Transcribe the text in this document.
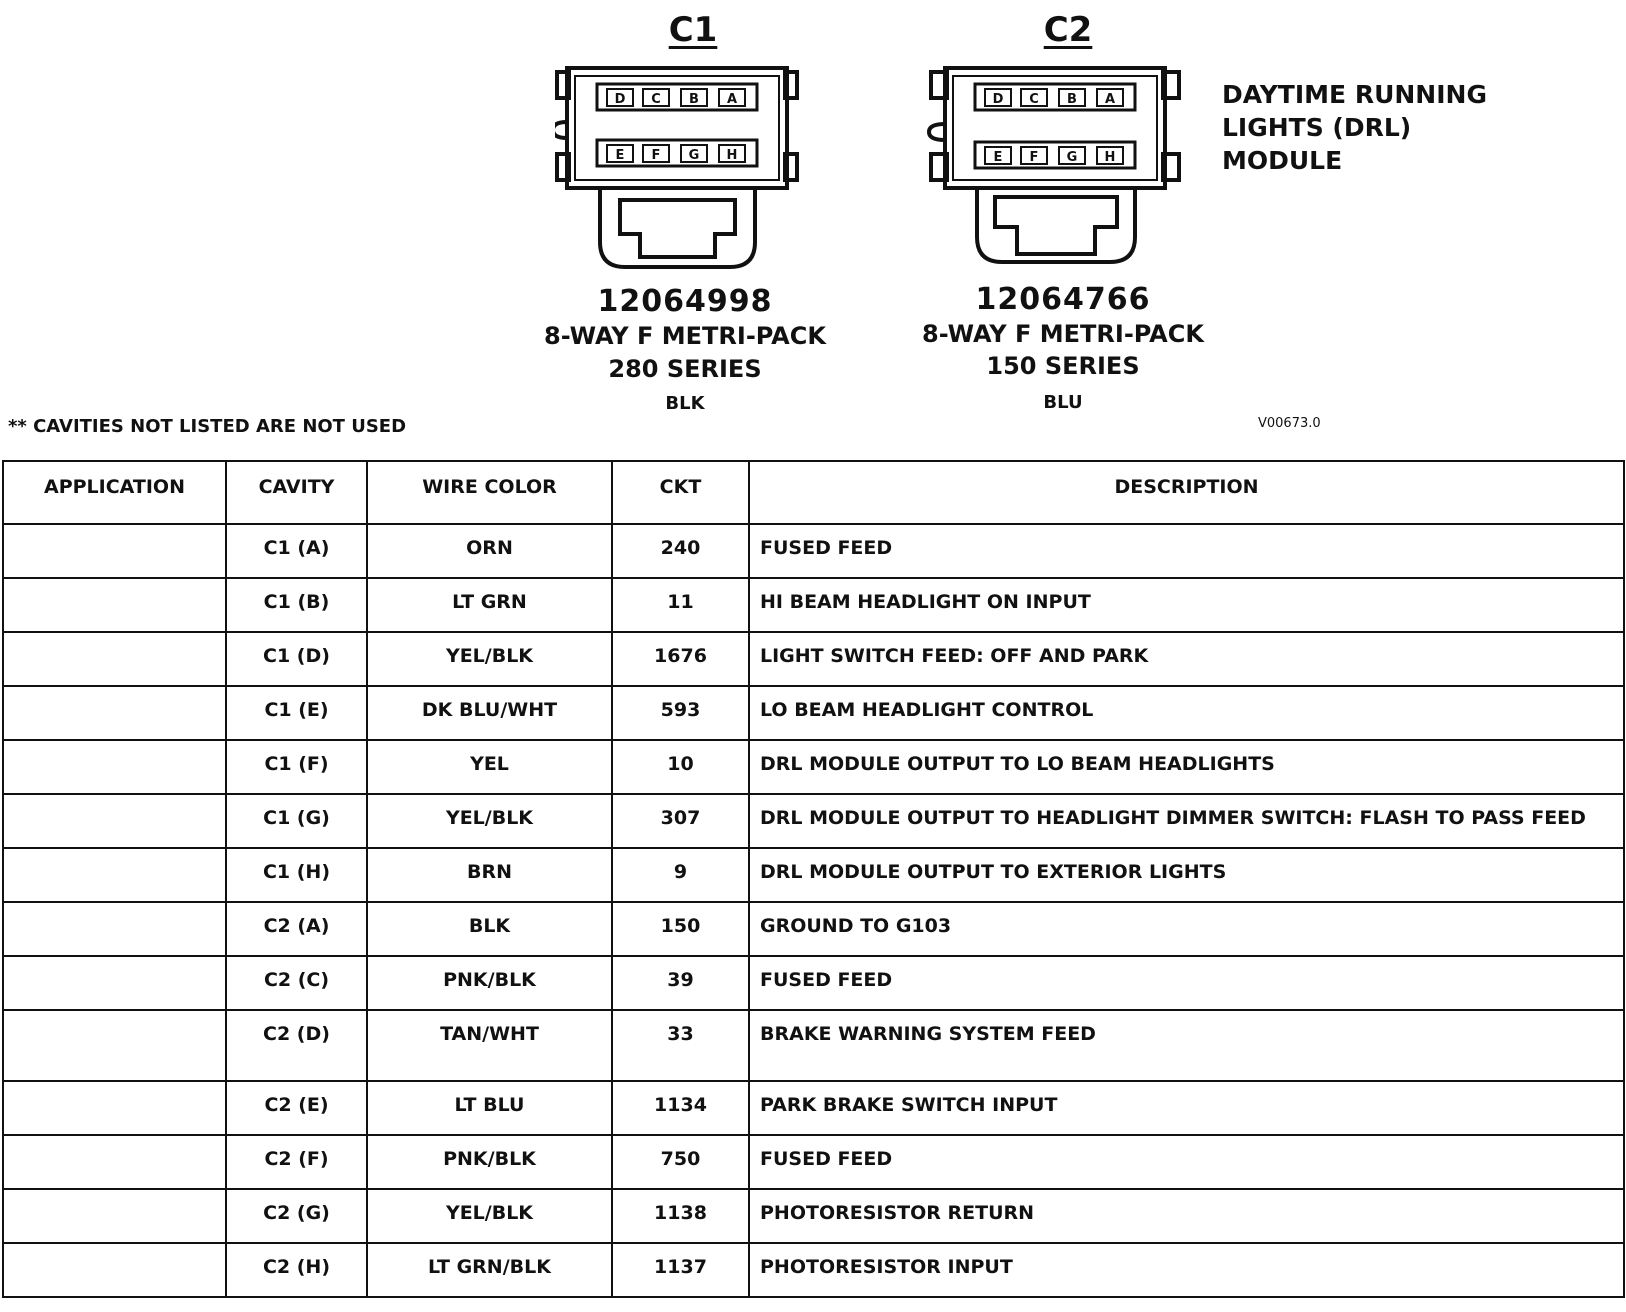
C1
D C B A
E F G H
12064998
8-WAY F METRI-PACK
280 SERIES
BLK
C2
D C B A
E F G H
12064766
8-WAY F METRI-PACK
150 SERIES
BLU
DAYTIME RUNNING
LIGHTS (DRL)
MODULE
** CAVITIES NOT LISTED ARE NOT USED	V00673.0
APPLICATION	CAVITY	WIRE COLOR	CKT	DESCRIPTION
	C1 (A)	ORN	240	FUSED FEED
	C1 (B)	LT GRN	11	HI BEAM HEADLIGHT ON INPUT
	C1 (D)	YEL/BLK	1676	LIGHT SWITCH FEED: OFF AND PARK
	C1 (E)	DK BLU/WHT	593	LO BEAM HEADLIGHT CONTROL
	C1 (F)	YEL	10	DRL MODULE OUTPUT TO LO BEAM HEADLIGHTS
	C1 (G)	YEL/BLK	307	DRL MODULE OUTPUT TO HEADLIGHT DIMMER SWITCH: FLASH TO PASS FEED
	C1 (H)	BRN	9	DRL MODULE OUTPUT TO EXTERIOR LIGHTS
	C2 (A)	BLK	150	GROUND TO G103
	C2 (C)	PNK/BLK	39	FUSED FEED
	C2 (D)	TAN/WHT	33	BRAKE WARNING SYSTEM FEED
	C2 (E)	LT BLU	1134	PARK BRAKE SWITCH INPUT
	C2 (F)	PNK/BLK	750	FUSED FEED
	C2 (G)	YEL/BLK	1138	PHOTORESISTOR RETURN
	C2 (H)	LT GRN/BLK	1137	PHOTORESISTOR INPUT
